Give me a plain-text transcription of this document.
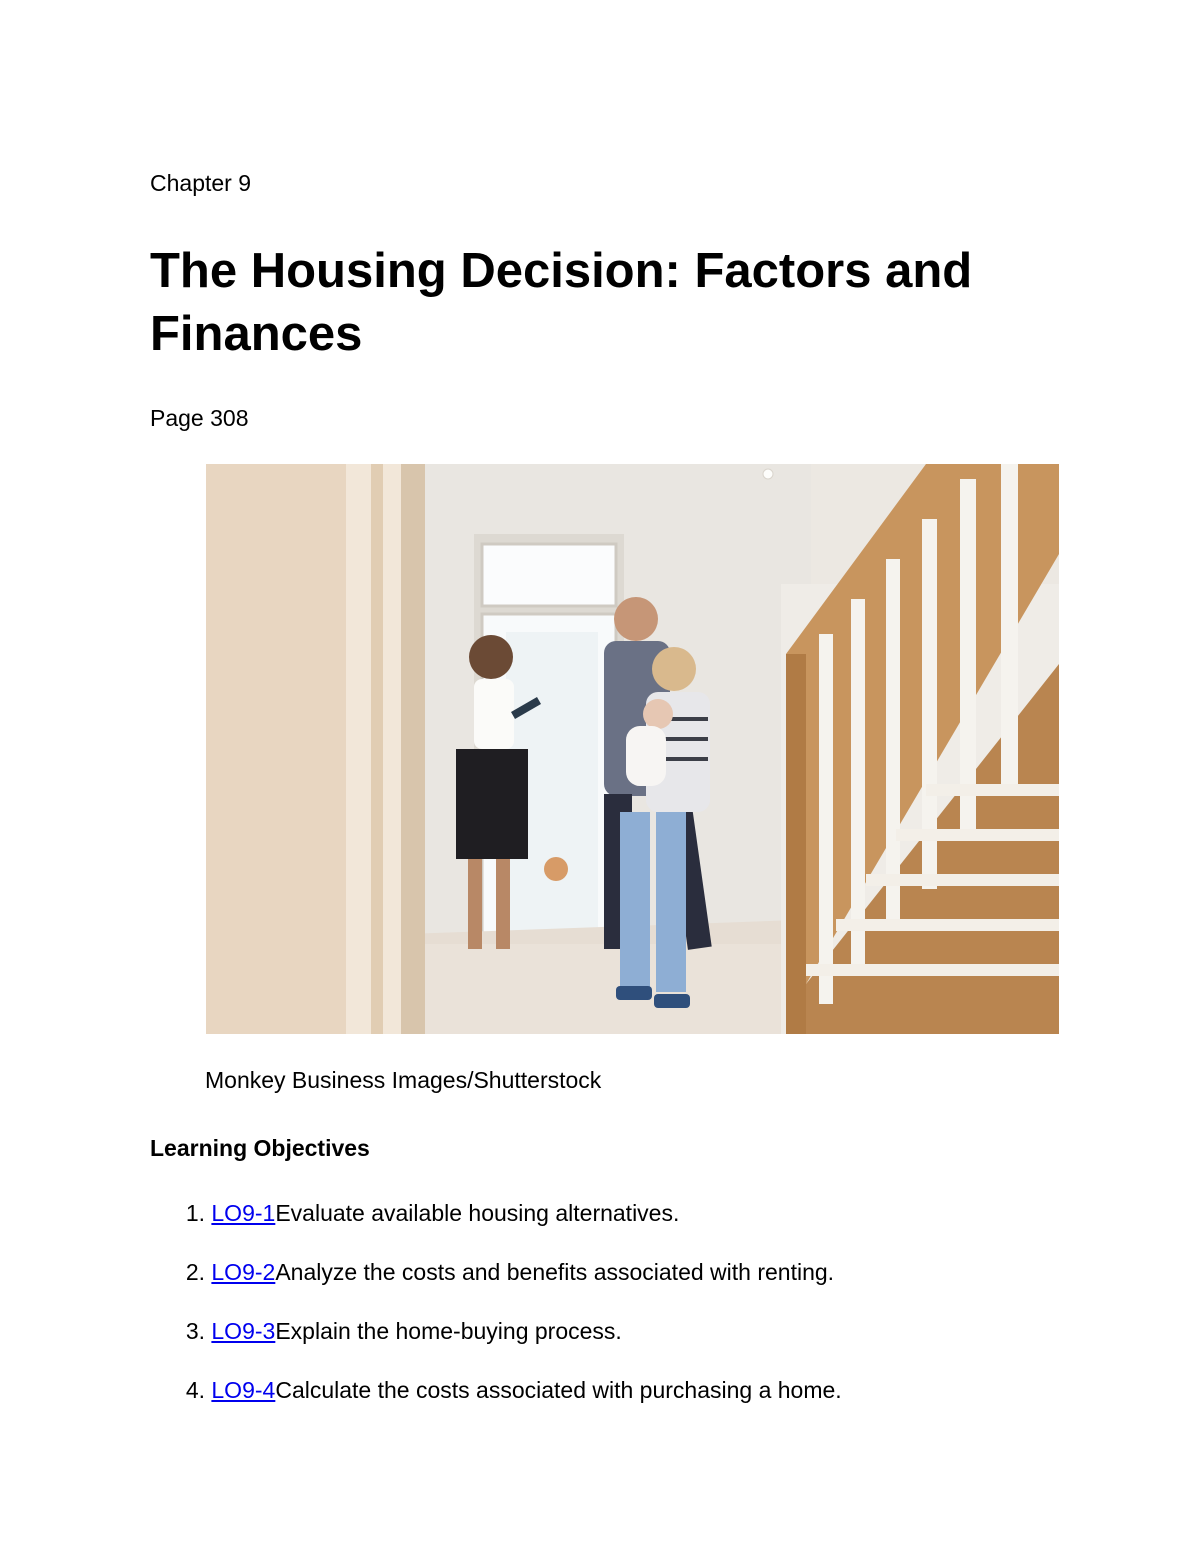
Chapter 9
The Housing Decision: Factors and Finances
Page 308
Monkey Business Images/Shutterstock
Learning Objectives
1.
LO9-1 Evaluate available housing alternatives.
2.
LO9-2 Analyze the costs and benefits associated with renting.
3.
LO9-3 Explain the home-buying process.
4.
LO9-4 Calculate the costs associated with purchasing a home.
